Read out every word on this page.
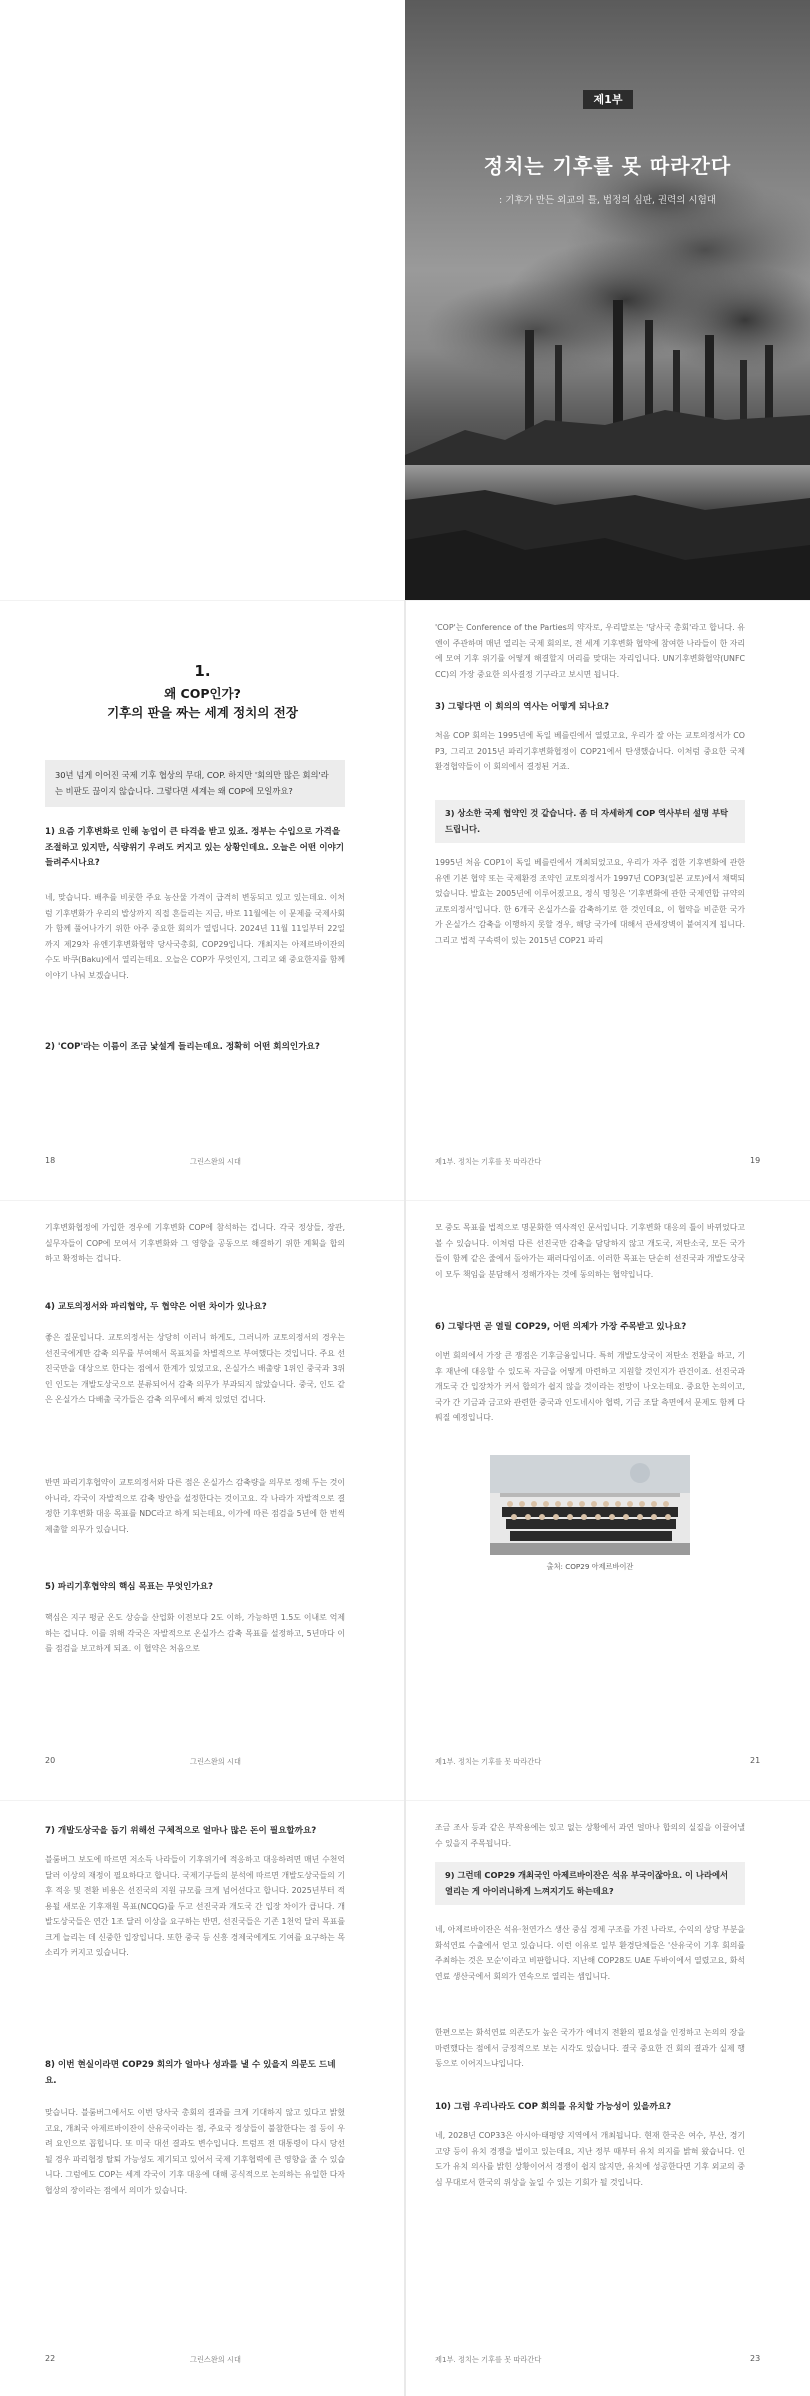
제1부
정치는 기후를 못 따라간다
: 기후가 만든 외교의 틀, 법정의 심판, 권력의 시험대
1.
왜 COP인가?
기후의 판을 짜는 세계 정치의 전장
30년 넘게 이어진 국제 기후 협상의 무대, COP. 하지만 '회의만 많은 회의'라는 비판도 끊이지 않습니다. 그렇다면 세계는 왜 COP에 모일까요?
1) 요즘 기후변화로 인해 농업이 큰 타격을 받고 있죠. 정부는 수입으로 가격을 조절하고 있지만, 식량위기 우려도 커지고 있는 상황인데요. 오늘은 어떤 이야기 들려주시나요?
네, 맞습니다. 배추를 비롯한 주요 농산물 가격이 급격히 변동되고 있고 있는데요. 이처럼 기후변화가 우리의 밥상까지 직접 흔들리는 지금, 바로 11월에는 이 문제를 국제사회가 함께 풀어나가기 위한 아주 중요한 회의가 열립니다. 2024년 11월 11일부터 22일까지 제29차 유엔기후변화협약 당사국총회, COP29입니다. 개최지는 아제르바이잔의 수도 바쿠(Baku)에서 열리는데요. 오늘은 COP가 무엇인지, 그리고 왜 중요한지를 함께 이야기 나눠 보겠습니다.
2) 'COP'라는 이름이 조금 낯설게 들리는데요. 정확히 어떤 회의인가요?
18	그린스완의 시대
'COP'는 Conference of the Parties의 약자로, 우리말로는 '당사국 총회'라고 합니다. 유엔이 주관하며 매년 열리는 국제 회의로, 전 세계 기후변화 협약에 참여한 나라들이 한 자리에 모여 기후 위기를 어떻게 해결할지 머리를 맞대는 자리입니다. UN기후변화협약(UNFCCC)의 가장 중요한 의사결정 기구라고 보시면 됩니다.
3) 그렇다면 이 회의의 역사는 어떻게 되나요?
처음 COP 회의는 1995년에 독일 베를린에서 열렸고요, 우리가 잘 아는 교토의정서가 COP3, 그리고 2015년 파리기후변화협정이 COP21에서 탄생했습니다. 이처럼 중요한 국제 환경협약들이 이 회의에서 결정된 거죠.
3) 상소한 국제 협약인 것 같습니다. 좀 더 자세하게 COP 역사부터 설명 부탁드립니다.
1995년 처음 COP1이 독일 베를린에서 개최되었고요, 우리가 자주 접한 기후변화에 관한 유엔 기본 협약 또는 국제환경 조약인 교토의정서가 1997년 COP3(일본 교토)에서 채택되었습니다. 발효는 2005년에 이루어졌고요, 정식 명칭은 '기후변화에 관한 국제연합 규약의 교토의정서'입니다. 한 6개국 온실가스를 감축하기로 한 것인데요, 이 협약을 비준한 국가가 온실가스 감축을 이행하지 못할 경우, 해당 국가에 대해서 관세장벽이 붙여지게 됩니다. 그리고 법적 구속력이 있는 2015년 COP21 파리
제1부. 정치는 기후를 못 따라간다	19
기후변화협정에 가입한 경우에 기후변화 COP에 참석하는 겁니다. 각국 정상들, 장관, 실무자들이 COP에 모여서 기후변화와 그 영향을 공동으로 해결하기 위한 계획을 합의하고 확정하는 겁니다.
4) 교토의정서와 파리협약, 두 협약은 어떤 차이가 있나요?
좋은 질문입니다. 교토의정서는 상당히 이러니 하게도, 그러니까 교토의정서의 경우는 선진국에게만 감축 의무를 부여해서 목표치를 차별적으로 부여했다는 것입니다. 주요 선진국만을 대상으로 한다는 점에서 한계가 있었고요, 온실가스 배출량 1위인 중국과 3위인 인도는 개발도상국으로 분류되어서 감축 의무가 부과되지 않았습니다. 중국, 인도 같은 온실가스 다배출 국가들은 감축 의무에서 빠져 있었던 겁니다.
반면 파리기후협약이 교토의정서와 다른 점은 온실가스 감축량을 의무로 정해 두는 것이 아니라, 각국이 자발적으로 감축 방안을 설정한다는 것이고요. 각 나라가 자발적으로 결정한 기후변화 대응 목표를 NDC라고 하게 되는데요, 이가에 따른 점검을 5년에 한 번씩 제출할 의무가 있습니다.
5) 파리기후협약의 핵심 목표는 무엇인가요?
핵심은 지구 평균 온도 상승을 산업화 이전보다 2도 이하, 가능하면 1.5도 이내로 억제하는 겁니다. 이를 위해 각국은 자발적으로 온실가스 감축 목표를 설정하고, 5년마다 이를 점검을 보고하게 되죠. 이 협약은 처음으로
20	그린스완의 시대
모 중도 목표를 법적으로 명문화한 역사적인 문서입니다. 기후변화 대응의 틀이 바뀌었다고 볼 수 있습니다. 이처럼 다른 선진국만 감축을 담당하지 않고 개도국, 저탄소국, 모든 국가들이 함께 같은 줄에서 돌아가는 패러다임이죠. 이러한 목표는 단순히 선진국과 개발도상국이 모두 책임을 분담해서 정해가자는 것에 동의하는 협약입니다.
6) 그렇다면 곧 열릴 COP29, 어떤 의제가 가장 주목받고 있나요?
이번 회의에서 가장 큰 쟁점은 기후금융입니다. 특히 개발도상국이 저탄소 전환을 하고, 기후 재난에 대응할 수 있도록 자금을 어떻게 마련하고 지원할 것인지가 관건이죠. 선진국과 개도국 간 입장차가 커서 합의가 쉽지 않을 것이라는 전망이 나오는데요. 중요한 논의이고, 국가 간 기금과 금고와 관련한 중국과 인도네시아 협력, 기금 조달 측면에서 문제도 함께 다뤄질 예정입니다.
출처: COP29 아제르바이잔
제1부. 정치는 기후를 못 따라간다	21
7) 개발도상국을 돕기 위해선 구체적으로 얼마나 많은 돈이 필요할까요?
블룸버그 보도에 따르면 저소득 나라들이 기후위기에 적응하고 대응하려면 매년 수천억 달러 이상의 재정이 필요하다고 합니다. 국제기구들의 분석에 따르면 개발도상국들의 기후 적응 및 전환 비용은 선진국의 지원 규모를 크게 넘어선다고 합니다. 2025년부터 적용될 새로운 기후재원 목표(NCQG)를 두고 선진국과 개도국 간 입장 차이가 큽니다. 개발도상국들은 연간 1조 달러 이상을 요구하는 반면, 선진국들은 기존 1천억 달러 목표를 크게 늘리는 데 신중한 입장입니다. 또한 중국 등 신흥 경제국에게도 기여를 요구하는 목소리가 커지고 있습니다.
8) 이번 현실이라면 COP29 회의가 얼마나 성과를 낼 수 있을지 의문도 드네요.
맞습니다. 블룸버그에서도 이번 당사국 총회의 결과를 크게 기대하지 않고 있다고 밝혔고요, 개최국 아제르바이잔이 산유국이라는 점, 주요국 정상들이 불참한다는 점 등이 우려 요인으로 꼽힙니다. 또 미국 대선 결과도 변수입니다. 트럼프 전 대통령이 다시 당선될 경우 파리협정 탈퇴 가능성도 제기되고 있어서 국제 기후협력에 큰 영향을 줄 수 있습니다. 그럼에도 COP는 세계 각국이 기후 대응에 대해 공식적으로 논의하는 유일한 다자 협상의 장이라는 점에서 의미가 있습니다.
22	그린스완의 시대
조금 조사 등과 같은 부작용에는 있고 없는 상황에서 과연 얼마나 합의의 실질을 이끌어낼 수 있을지 주목됩니다.
9) 그런데 COP29 개최국인 아제르바이잔은 석유 부국이잖아요. 이 나라에서 열리는 게 아이러니하게 느껴지기도 하는데요?
네, 아제르바이잔은 석유·천연가스 생산 중심 경제 구조를 가진 나라로, 수익의 상당 부분을 화석연료 수출에서 얻고 있습니다. 이런 이유로 일부 환경단체들은 '산유국이 기후 회의를 주최하는 것은 모순'이라고 비판합니다. 지난해 COP28도 UAE 두바이에서 열렸고요, 화석연료 생산국에서 회의가 연속으로 열리는 셈입니다.
한편으로는 화석연료 의존도가 높은 국가가 에너지 전환의 필요성을 인정하고 논의의 장을 마련했다는 점에서 긍정적으로 보는 시각도 있습니다. 결국 중요한 건 회의 결과가 실제 행동으로 이어지느냐입니다.
10) 그럼 우리나라도 COP 회의를 유치할 가능성이 있을까요?
네, 2028년 COP33은 아시아·태평양 지역에서 개최됩니다. 현재 한국은 여수, 부산, 경기 고양 등이 유치 경쟁을 벌이고 있는데요, 지난 정부 때부터 유치 의지를 밝혀 왔습니다. 인도가 유치 의사를 밝힌 상황이어서 경쟁이 쉽지 않지만, 유치에 성공한다면 기후 외교의 중심 무대로서 한국의 위상을 높일 수 있는 기회가 될 것입니다.
제1부. 정치는 기후를 못 따라간다	23
